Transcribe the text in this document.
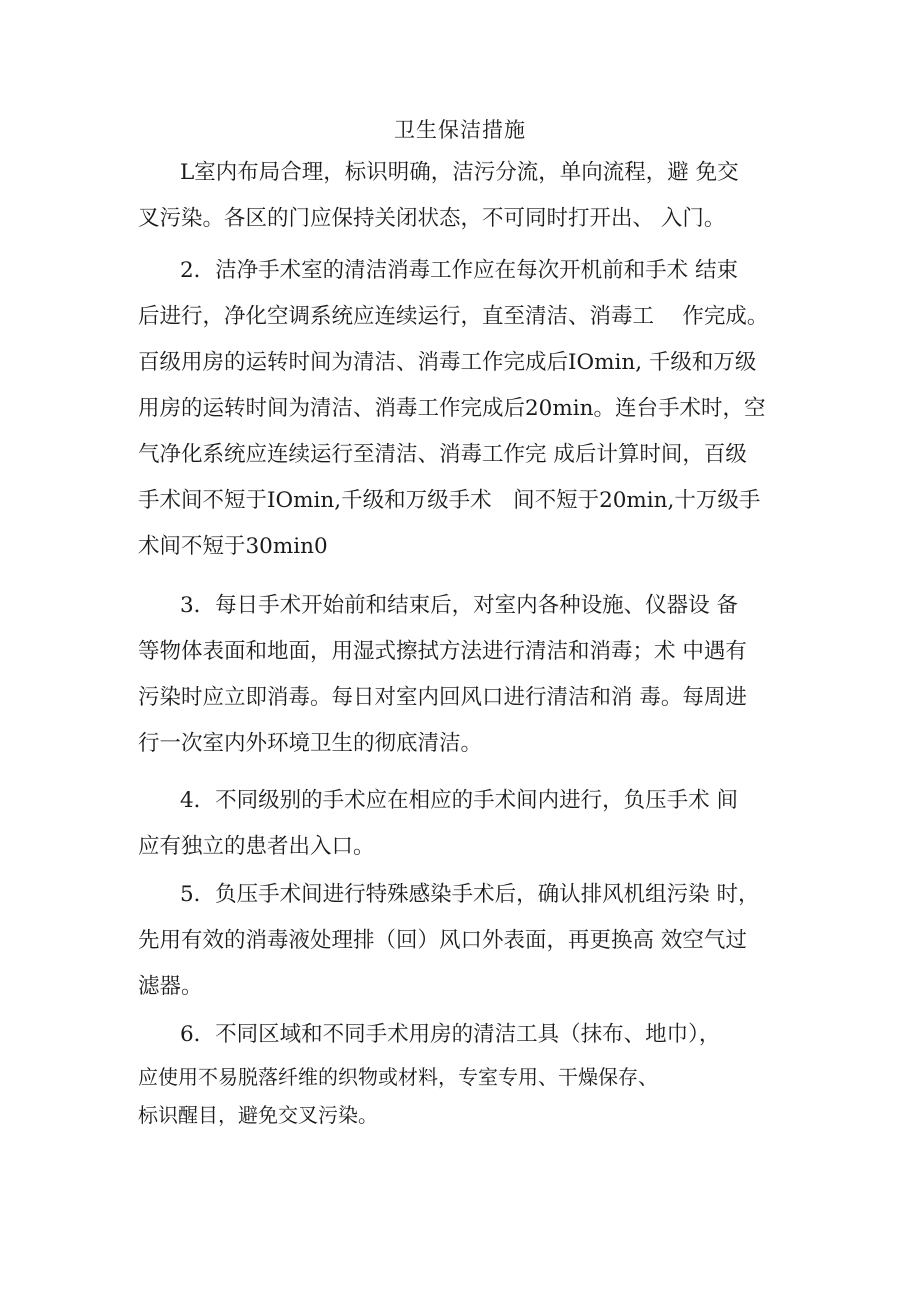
卫生保洁措施
L室内布局合理，标识明确，洁污分流，单向流程，避 免交
叉污染。各区的门应保持关闭状态，不可同时打开出、 入门。
2．洁净手术室的清洁消毒工作应在每次开机前和手术 结束
后进行，净化空调系统应连续运行，直至清洁、消毒工　 作完成。
百级用房的运转时间为清洁、消毒工作完成后IOmin, 千级和万级
用房的运转时间为清洁、消毒工作完成后20min。连台手术时，空
气净化系统应连续运行至清洁、消毒工作完 成后计算时间，百级
手术间不短于IOmin,千级和万级手术　间不短于20min,十万级手
术间不短于30min0
3．每日手术开始前和结束后，对室内各种设施、仪器设 备
等物体表面和地面，用湿式擦拭方法进行清洁和消毒；术 中遇有
污染时应立即消毒。每日对室内回风口进行清洁和消 毒。每周进
行一次室内外环境卫生的彻底清洁。
4．不同级别的手术应在相应的手术间内进行，负压手术 间
应有独立的患者出入口。
5．负压手术间进行特殊感染手术后，确认排风机组污染 时，
先用有效的消毒液处理排（回）风口外表面，再更换高 效空气过
滤器。
6．不同区域和不同手术用房的清洁工具（抹布、地巾），
应使用不易脱落纤维的织物或材料，专室专用、干燥保存、
标识醒目，避免交叉污染。
